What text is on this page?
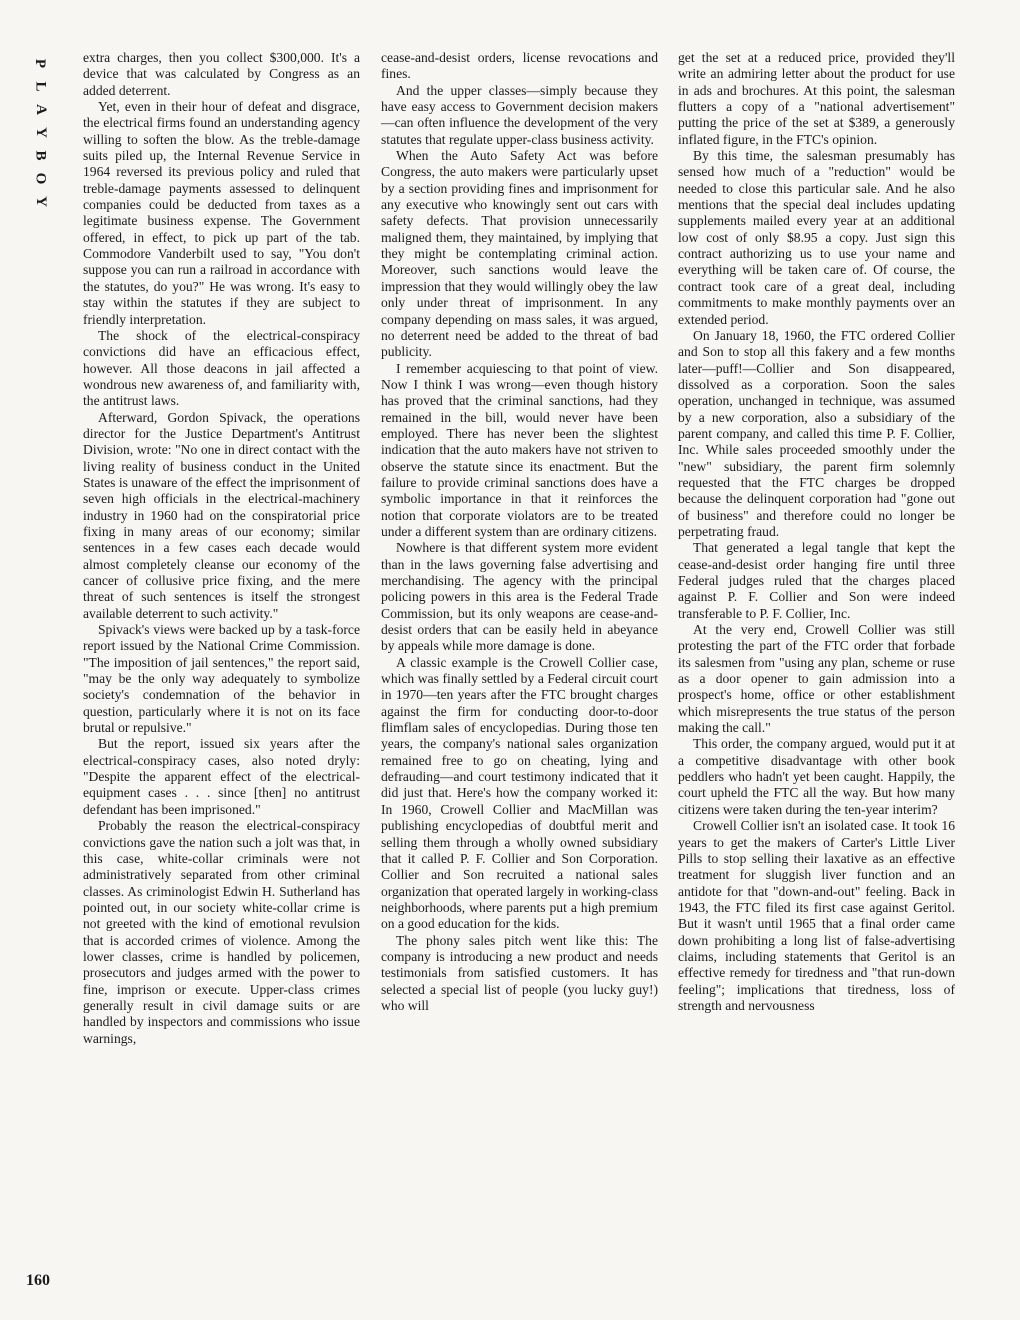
P
L
A
Y
B
O
Y

extra charges, then you collect $300,000. It's a device that was calculated by Congress as an added deterrent.

Yet, even in their hour of defeat and disgrace, the electrical firms found an understanding agency willing to soften the blow. As the treble-damage suits piled up, the Internal Revenue Service in 1964 reversed its previous policy and ruled that treble-damage payments assessed to delinquent companies could be deducted from taxes as a legitimate business expense. The Government offered, in effect, to pick up part of the tab. Commodore Vanderbilt used to say, "You don't suppose you can run a railroad in accordance with the statutes, do you?" He was wrong. It's easy to stay within the statutes if they are subject to friendly interpretation.

The shock of the electrical-conspiracy convictions did have an efficacious effect, however. All those deacons in jail affected a wondrous new awareness of, and familiarity with, the antitrust laws.

Afterward, Gordon Spivack, the operations director for the Justice Department's Antitrust Division, wrote: "No one in direct contact with the living reality of business conduct in the United States is unaware of the effect the imprisonment of seven high officials in the electrical-machinery industry in 1960 had on the conspiratorial price fixing in many areas of our economy; similar sentences in a few cases each decade would almost completely cleanse our economy of the cancer of collusive price fixing, and the mere threat of such sentences is itself the strongest available deterrent to such activity."

Spivack's views were backed up by a task-force report issued by the National Crime Commission. "The imposition of jail sentences," the report said, "may be the only way adequately to symbolize society's condemnation of the behavior in question, particularly where it is not on its face brutal or repulsive."

But the report, issued six years after the electrical-conspiracy cases, also noted dryly: "Despite the apparent effect of the electrical-equipment cases . . . since [then] no antitrust defendant has been imprisoned."

Probably the reason the electrical-conspiracy convictions gave the nation such a jolt was that, in this case, white-collar criminals were not administratively separated from other criminal classes. As criminologist Edwin H. Sutherland has pointed out, in our society white-collar crime is not greeted with the kind of emotional revulsion that is accorded crimes of violence. Among the lower classes, crime is handled by policemen, prosecutors and judges armed with the power to fine, imprison or execute. Upper-class crimes generally result in civil damage suits or are handled by inspectors and commissions who issue warnings,

cease-and-desist orders, license revocations and fines.

And the upper classes—simply because they have easy access to Government decision makers—can often influence the development of the very statutes that regulate upper-class business activity.

When the Auto Safety Act was before Congress, the auto makers were particularly upset by a section providing fines and imprisonment for any executive who knowingly sent out cars with safety defects. That provision unnecessarily maligned them, they maintained, by implying that they might be contemplating criminal action. Moreover, such sanctions would leave the impression that they would willingly obey the law only under threat of imprisonment. In any company depending on mass sales, it was argued, no deterrent need be added to the threat of bad publicity.

I remember acquiescing to that point of view. Now I think I was wrong—even though history has proved that the criminal sanctions, had they remained in the bill, would never have been employed. There has never been the slightest indication that the auto makers have not striven to observe the statute since its enactment. But the failure to provide criminal sanctions does have a symbolic importance in that it reinforces the notion that corporate violators are to be treated under a different system than are ordinary citizens.

Nowhere is that different system more evident than in the laws governing false advertising and merchandising. The agency with the principal policing powers in this area is the Federal Trade Commission, but its only weapons are cease-and-desist orders that can be easily held in abeyance by appeals while more damage is done.

A classic example is the Crowell Collier case, which was finally settled by a Federal circuit court in 1970—ten years after the FTC brought charges against the firm for conducting door-to-door flimflam sales of encyclopedias. During those ten years, the company's national sales organization remained free to go on cheating, lying and defrauding—and court testimony indicated that it did just that. Here's how the company worked it: In 1960, Crowell Collier and MacMillan was publishing encyclopedias of doubtful merit and selling them through a wholly owned subsidiary that it called P. F. Collier and Son Corporation. Collier and Son recruited a national sales organization that operated largely in working-class neighborhoods, where parents put a high premium on a good education for the kids.

The phony sales pitch went like this: The company is introducing a new product and needs testimonials from satisfied customers. It has selected a special list of people (you lucky guy!) who will

get the set at a reduced price, provided they'll write an admiring letter about the product for use in ads and brochures. At this point, the salesman flutters a copy of a "national advertisement" putting the price of the set at $389, a generously inflated figure, in the FTC's opinion.

By this time, the salesman presumably has sensed how much of a "reduction" would be needed to close this particular sale. And he also mentions that the special deal includes updating supplements mailed every year at an additional low cost of only $8.95 a copy. Just sign this contract authorizing us to use your name and everything will be taken care of. Of course, the contract took care of a great deal, including commitments to make monthly payments over an extended period.

On January 18, 1960, the FTC ordered Collier and Son to stop all this fakery and a few months later—puff!—Collier and Son disappeared, dissolved as a corporation. Soon the sales operation, unchanged in technique, was assumed by a new corporation, also a subsidiary of the parent company, and called this time P. F. Collier, Inc. While sales proceeded smoothly under the "new" subsidiary, the parent firm solemnly requested that the FTC charges be dropped because the delinquent corporation had "gone out of business" and therefore could no longer be perpetrating fraud.

That generated a legal tangle that kept the cease-and-desist order hanging fire until three Federal judges ruled that the charges placed against P. F. Collier and Son were indeed transferable to P. F. Collier, Inc.

At the very end, Crowell Collier was still protesting the part of the FTC order that forbade its salesmen from "using any plan, scheme or ruse as a door opener to gain admission into a prospect's home, office or other establishment which misrepresents the true status of the person making the call."

This order, the company argued, would put it at a competitive disadvantage with other book peddlers who hadn't yet been caught. Happily, the court upheld the FTC all the way. But how many citizens were taken during the ten-year interim?

Crowell Collier isn't an isolated case. It took 16 years to get the makers of Carter's Little Liver Pills to stop selling their laxative as an effective treatment for sluggish liver function and an antidote for that "down-and-out" feeling. Back in 1943, the FTC filed its first case against Geritol. But it wasn't until 1965 that a final order came down prohibiting a long list of false-advertising claims, including statements that Geritol is an effective remedy for tiredness and "that run-down feeling"; implications that tiredness, loss of strength and nervousness

160
